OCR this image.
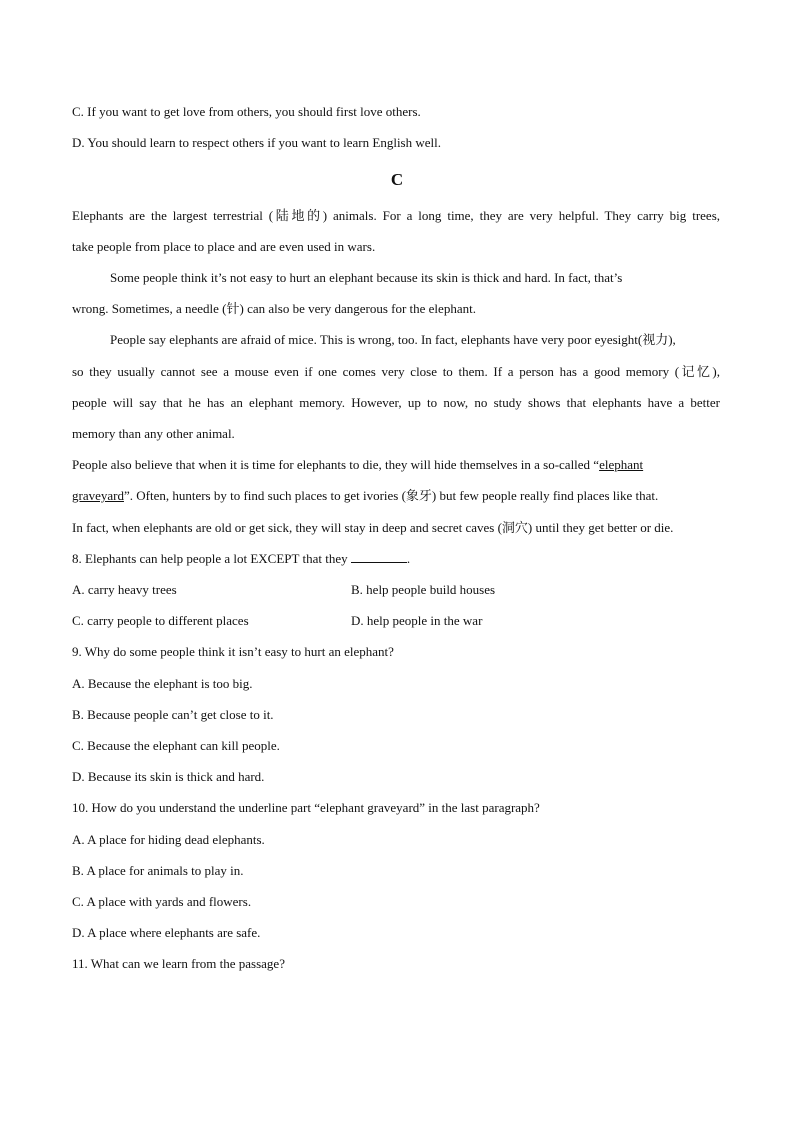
C. If you want to get love from others, you should first love others.
D. You should learn to respect others if you want to learn English well.
C
Elephants are the largest terrestrial (陆地的) animals. For a long time, they are very helpful. They carry big trees,
take people from place to place and are even used in wars.
Some people think it’s not easy to hurt an elephant because its skin is thick and hard. In fact, that’s
wrong. Sometimes, a needle (针) can also be very dangerous for the elephant.
People say elephants are afraid of mice. This is wrong, too. In fact, elephants have very poor eyesight(视力),
so they usually cannot see a mouse even if one comes very close to them. If a person has a good memory (记忆),
people will say that he has an elephant memory. However, up to now, no study shows that elephants have a better
memory than any other animal.
People also believe that when it is time for elephants to die, they will hide themselves in a so-called “elephant
graveyard”. Often, hunters by to find such places to get ivories (象牙) but few people really find places like that.
In fact, when elephants are old or get sick, they will stay in deep and secret caves (洞穴) until they get better or die.
8. Elephants can help people a lot EXCEPT that they	.
A. carry heavy trees	B. help people build houses
C. carry people to different places	D. help people in the war
9. Why do some people think it isn’t easy to hurt an elephant?
A. Because the elephant is too big.
B. Because people can’t get close to it.
C. Because the elephant can kill people.
D. Because its skin is thick and hard.
10. How do you understand the underline part “elephant graveyard” in the last paragraph?
A. A place for hiding dead elephants.
B. A place for animals to play in.
C. A place with yards and flowers.
D. A place where elephants are safe.
11. What can we learn from the passage?
